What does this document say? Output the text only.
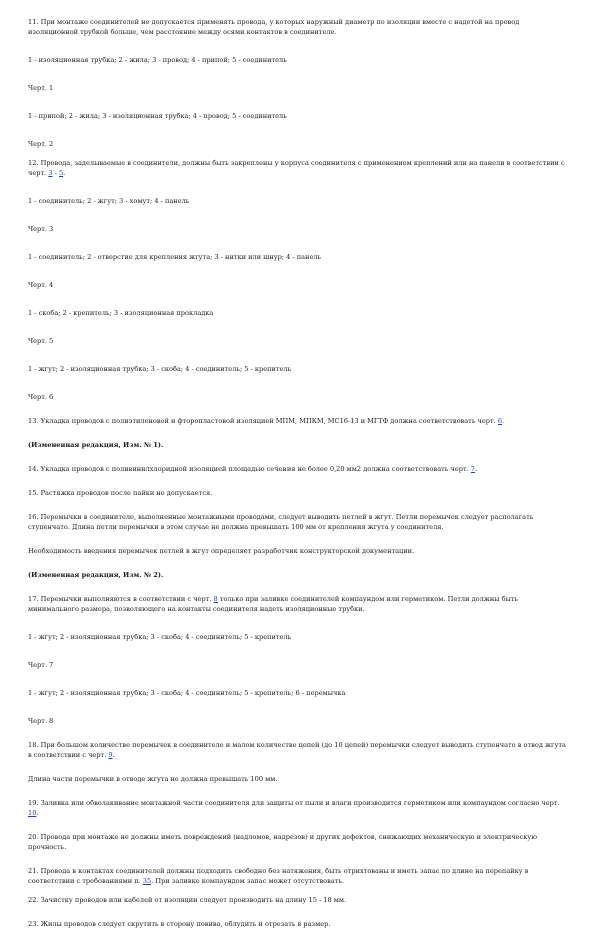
11. При монтаже соединителей не допускается применять провода, у которых наружный диаметр по изоляции вместе с надетой на провод изоляционной трубкой больше, чем расстояние между осями контактов в соединителе.

1 - изоляционная трубка; 2 - жила; 3 - провод; 4 - припой; 5 - соединитель

Черт. 1

1 - припой; 2 - жила; 3 - изоляционная трубка; 4 - провод; 5 - соединитель

Черт. 2

12. Провода, заделываемые в соединители, должны быть закреплены у корпуса соединителя с применением креплений или на панели в соответствии с черт. 3 - 5.

1 - соединитель; 2 - жгут; 3 - хомут; 4 - панель

Черт. 3

1 - соединитель; 2 - отверстие для крепления жгута; 3 - нитки или шнур; 4 - панель

Черт. 4

1 - скоба; 2 - крепитель; 3 - изоляционная прокладка

Черт. 5

1 - жгут; 2 - изоляционная трубка; 3 - скоба; 4 - соединитель; 5 - крепитель

Черт. 6

13. Укладка проводов с полиэтиленовой и фторопластовой изоляцией МПМ, МПКМ, МС16-13 и МГТФ должна соответствовать черт. 6.

(Измененная редакция, Изм. № 1).

14. Укладка проводов с поливинилхлоридной изоляцией площадью сечения не более 0,20 мм2 должна соответствовать черт. 7.

15. Растяжка проводов после пайки не допускается.

16. Перемычки в соединителе, выполненные монтажными проводами, следует выводить петлей в жгут. Петли перемычек следует располагать ступенчато. Длина петли перемычки в этом случае не должна превышать 100 мм от крепления жгута у соединителя.

Необходимость введения перемычек петлей в жгут определяет разработчик конструкторской документации.

(Измененная редакция, Изм. № 2).

17. Перемычки выполняются в соответствии с черт. 8 только при заливке соединителей компаундом или герметиком. Петли должны быть минимального размера, позволяющего на контакты соединителя надеть изоляционные трубки.

1 - жгут; 2 - изоляционная трубка; 3 - скоба; 4 - соединитель; 5 - крепитель

Черт. 7

1 - жгут; 2 - изоляционная трубка; 3 - скоба; 4 - соединитель; 5 - крепитель; 6 - перемычка

Черт. 8

18. При большом количестве перемычек в соединителе и малом количестве цепей (до 10 цепей) перемычки следует выводить ступенчато в отвод жгута в соответствии с черт. 9.

Длина части перемычки в отводе жгута не должна превышать 100 мм.

19. Заливка или обволакивание монтажной части соединителя для защиты от пыли и влаги производится герметиком или компаундом согласно черт. 10.

20. Провода при монтаже не должны иметь повреждений (надломов, надрезов) и других дефектов, снижающих механическую и электрическую прочность.

21. Провода в контактах соединителей должны подходить свободно без натяжения, быть отрихтованы и иметь запас по длине на перепайку в соответствии с требованиями п. 35. При заливке компаундом запас может отсутствовать.

22. Зачистку проводов или кабелей от изоляции следует производить на длину 15 - 18 мм.

23. Жилы проводов следует скрутить в сторону повива, облудить и отрезать в размер.
